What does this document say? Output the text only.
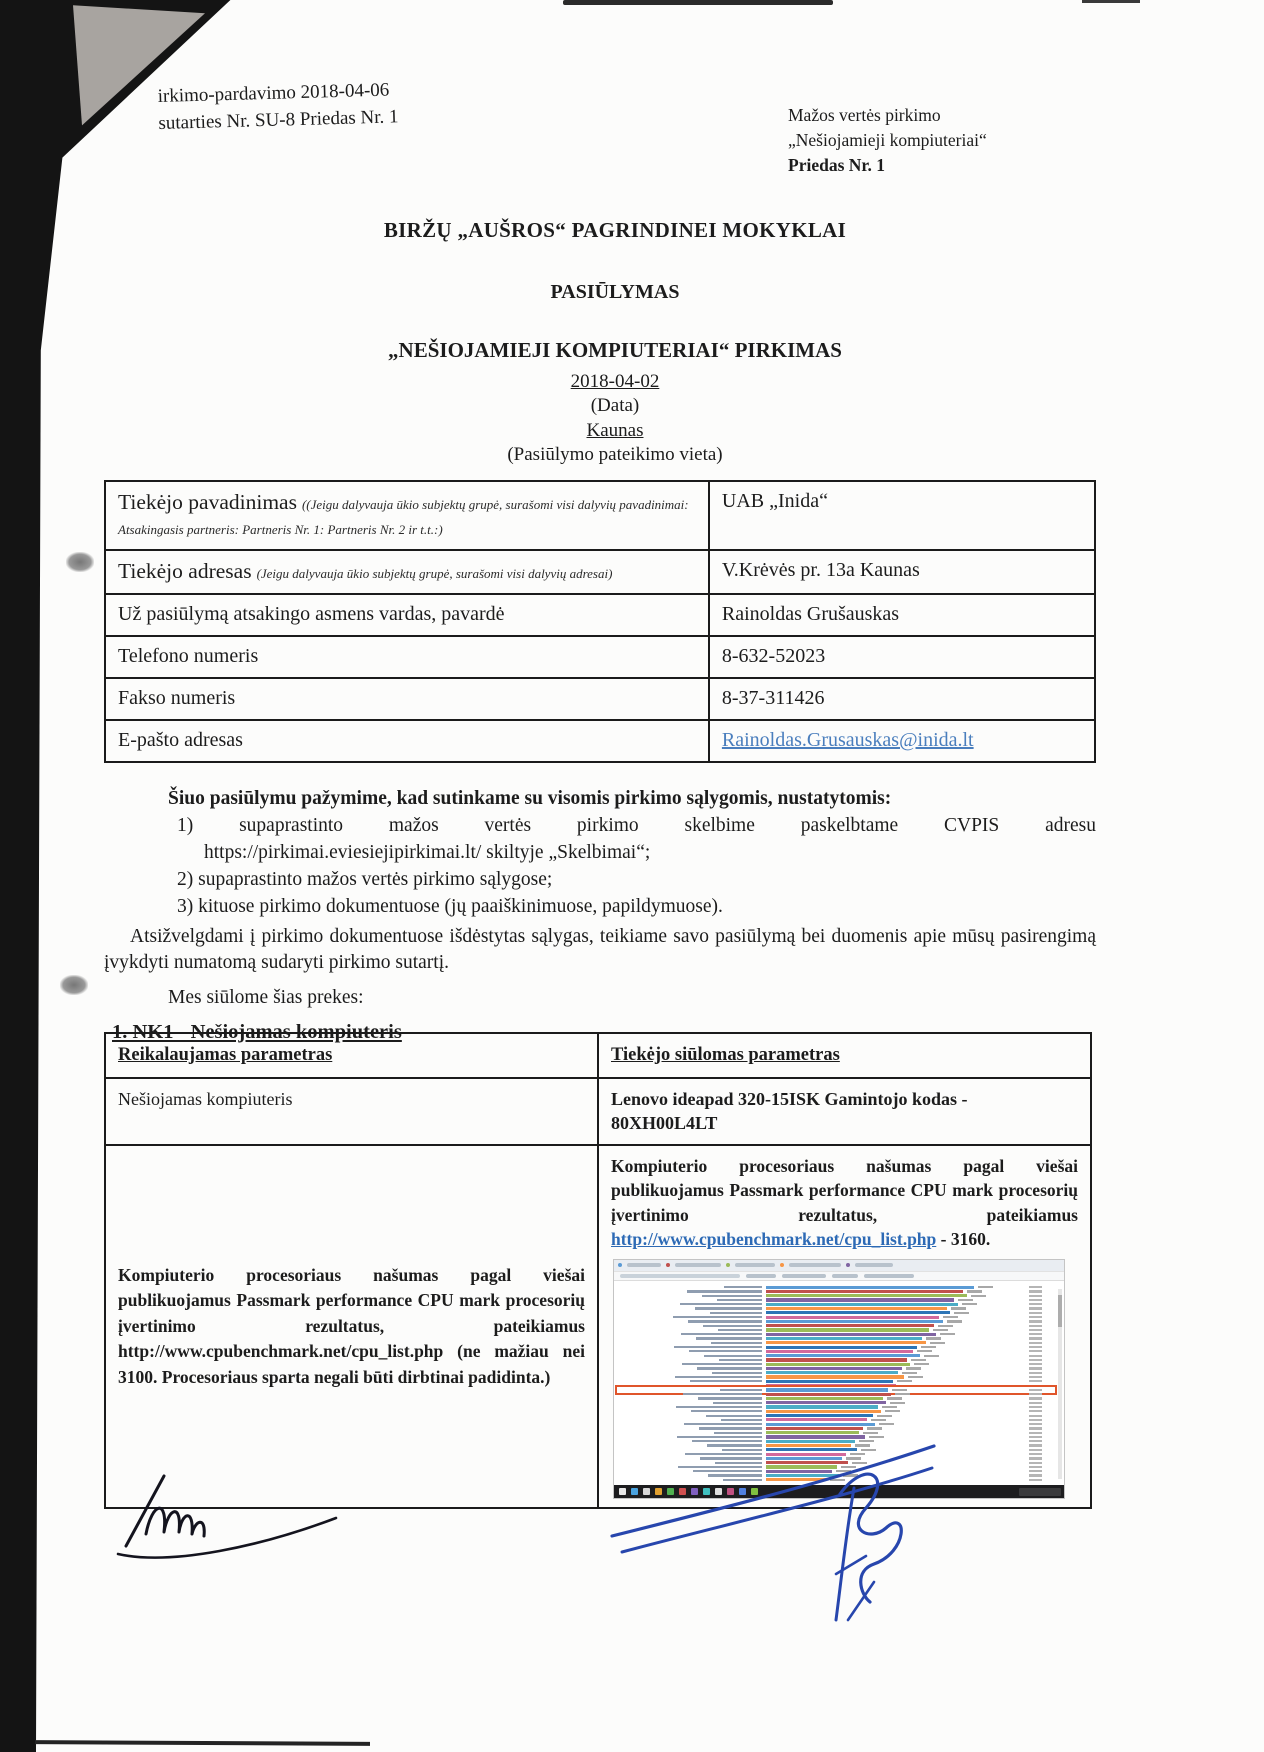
irkimo-pardavimo 2018-04-06
sutarties Nr. SU-8 Priedas Nr. 1	Mažos vertės pirkimo
„Nešiojamieji kompiuteriai“
Priedas Nr. 1
BIRŽŲ „AUŠROS“ PAGRINDINEI MOKYKLAI
PASIŪLYMAS
„NEŠIOJAMIEJI KOMPIUTERIAI“ PIRKIMAS
2018-04-02
(Data)
Kaunas
(Pasiūlymo pateikimo vieta)
Tiekėjo pavadinimas ((Jeigu dalyvauja ūkio subjektų grupė, surašomi visi dalyvių pavadinimai: Atsakingasis partneris: Partneris Nr. 1: Partneris Nr. 2 ir t.t.:)	UAB „Inida“
Tiekėjo adresas (Jeigu dalyvauja ūkio subjektų grupė, surašomi visi dalyvių adresai)	V.Krėvės pr. 13a Kaunas
Už pasiūlymą atsakingo asmens vardas, pavardė	Rainoldas Grušauskas
Telefono numeris	8-632-52023
Fakso numeris	8-37-311426
E-pašto adresas	Rainoldas.Grusauskas@inida.lt
Šiuo pasiūlymu pažymime, kad sutinkame su visomis pirkimo sąlygomis, nustatytomis:
1) supaprastinto mažos vertės pirkimo skelbime paskelbtame CVPIS adresu
https://pirkimai.eviesiejipirkimai.lt/ skiltyje „Skelbimai“;
2) supaprastinto mažos vertės pirkimo sąlygose;
3) kituose pirkimo dokumentuose (jų paaiškinimuose, papildymuose).
Atsižvelgdami į pirkimo dokumentuose išdėstytas sąlygas, teikiame savo pasiūlymą bei duomenis apie mūsų pasirengimą įvykdyti numatomą sudaryti pirkimo sutartį.
Mes siūlome šias prekes:
1. NK1 - Nešiojamas kompiuteris
Reikalaujamas parametras	Tiekėjo siūlomas parametras
Nešiojamas kompiuteris	Lenovo ideapad 320-15ISK Gamintojo kodas - 80XH00L4LT

Kompiuterio procesoriaus našumas pagal viešai publikuojamus Passmark performance CPU mark procesorių įvertinimo rezultatus, pateikiamus http://www.cpubenchmark.net/cpu_list.php (ne mažiau nei 3100. Procesoriaus sparta negali būti dirbtinai padidinta.)	Kompiuterio procesoriaus našumas pagal viešai publikuojamus Passmark performance CPU mark procesorių įvertinimo rezultatus, pateikiamus http://www.cpubenchmark.net/cpu_list.php - 3160.
